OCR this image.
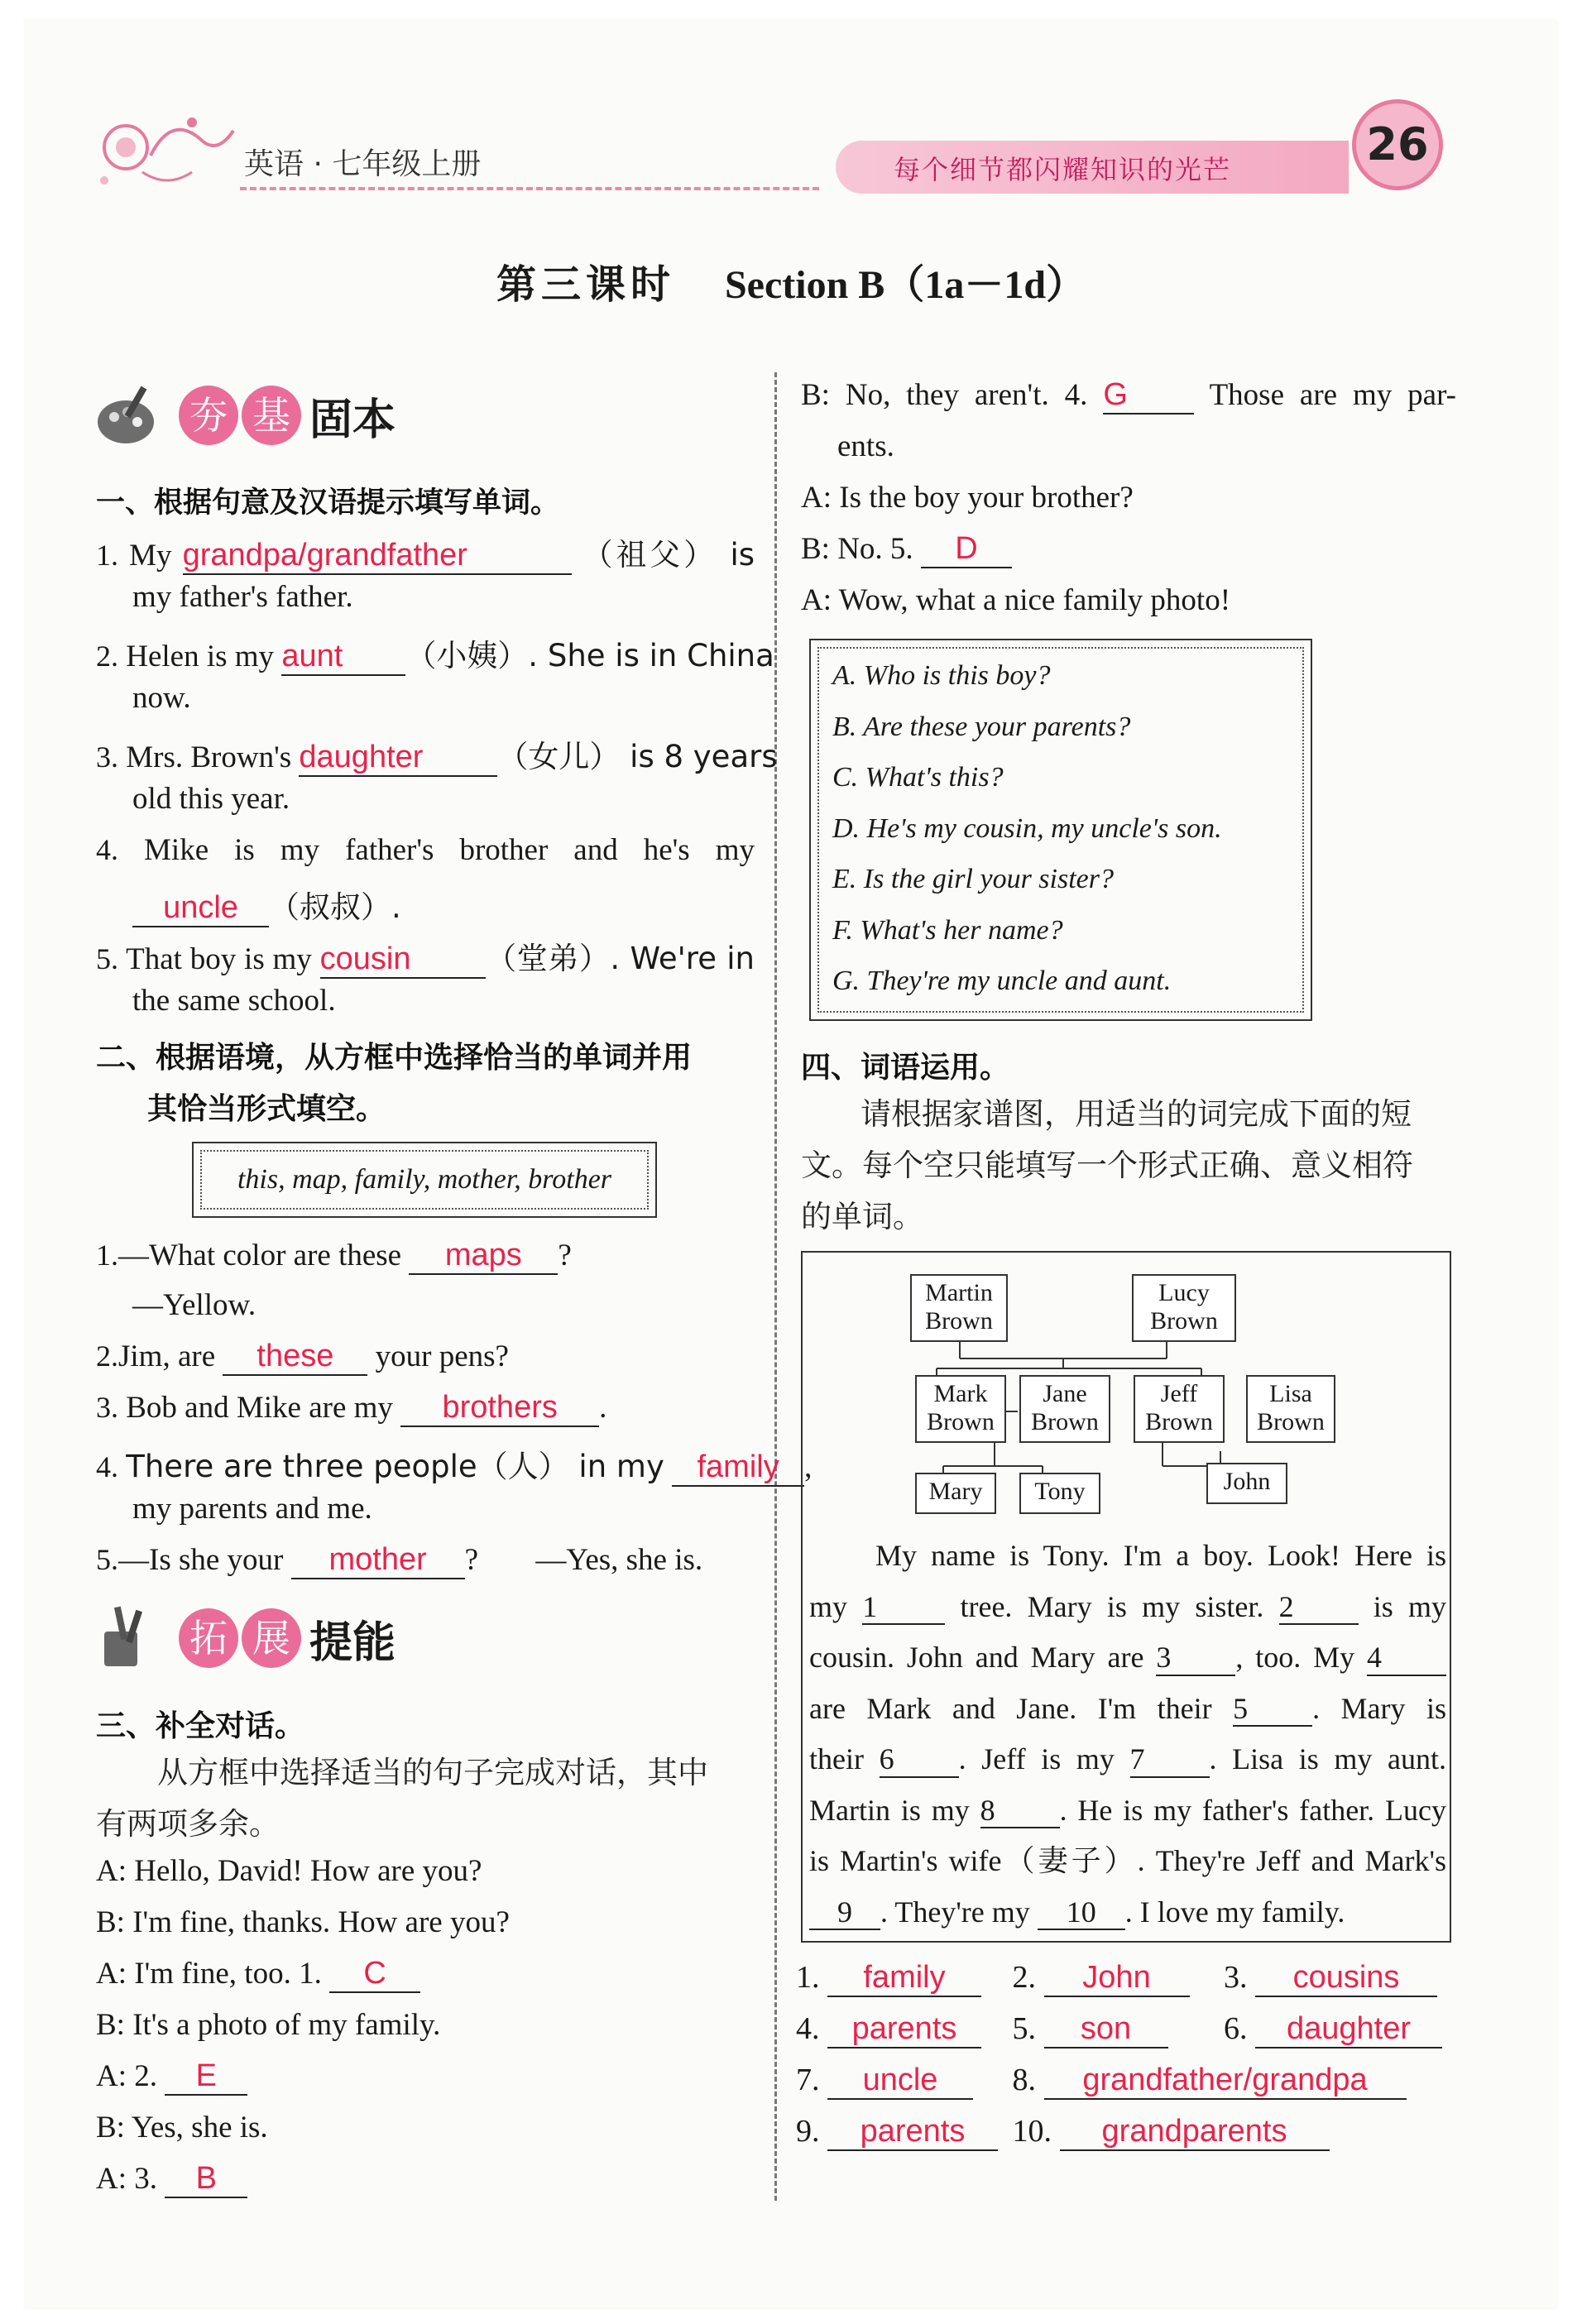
英语 · 七年级上册	每个细节都闪耀知识的光芒	26
第三课时 Section B（1a－1d）
夯 基 固本
一、根据句意及汉语提示填写单词。
1. My grandpa/grandfather	（祖父） is
my father's father.
2. Helen is my aunt （小姨）. She is in China
now.
3. Mrs. Brown's daughter （女儿） is 8 years
old this year.
4. Mike is my father's brother and he's my
uncle （叔叔）.
5. That boy is my cousin （堂弟）. We're in
the same school.
二、根据语境，从方框中选择恰当的单词并用
其恰当形式填空。
this, map, family, mother, brother
1.—What color are these maps ?
—Yellow.
2.Jim, are these your pens?
3. Bob and Mike are my brothers .
4. There are three people（人） in my family ,
my parents and me.
5.—Is she your mother ? —Yes, she is.
拓 展 提能
三、补全对话。
从方框中选择适当的句子完成对话，其中
有两项多余。
A: Hello, David! How are you?
B: I'm fine, thanks. How are you?
A: I'm fine, too. 1. C
B: It's a photo of my family.
A: 2. E
B: Yes, she is.
A: 3. B
B: No, they aren't. 4. G	Those are my par-
ents.
A: Is the boy your brother?
B: No. 5. D
A: Wow, what a nice family photo!
A. Who is this boy?
B. Are these your parents?
C. What's this?
D. He's my cousin, my uncle's son.
E. Is the girl your sister?
F. What's her name?
G. They're my uncle and aunt.
四、词语运用。
请根据家谱图，用适当的词完成下面的短
文。每个空只能填写一个形式正确、意义相符
的单词。
Martin Brown
Lucy Brown
Mark Brown
Jane Brown
Jeff Brown
Lisa Brown
Mary	Tony	John
My name is Tony. I'm a boy. Look! Here is
my 1	tree. Mary is my sister. 2	is my
cousin. John and Mary are 3 , too. My 4
are Mark and Jane. I'm their 5 . Mary is
their 6 . Jeff is my 7 . Lisa is my aunt.
Martin is my 8 . He is my father's father. Lucy
is Martin's wife（妻子）. They're Jeff and Mark's
9 . They're my 10 . I love my family.
1. family 2. John 3. cousins
4. parents 5. son	6. daughter
7. uncle 8. grandfather/grandpa
9. parents 10. grandparents
